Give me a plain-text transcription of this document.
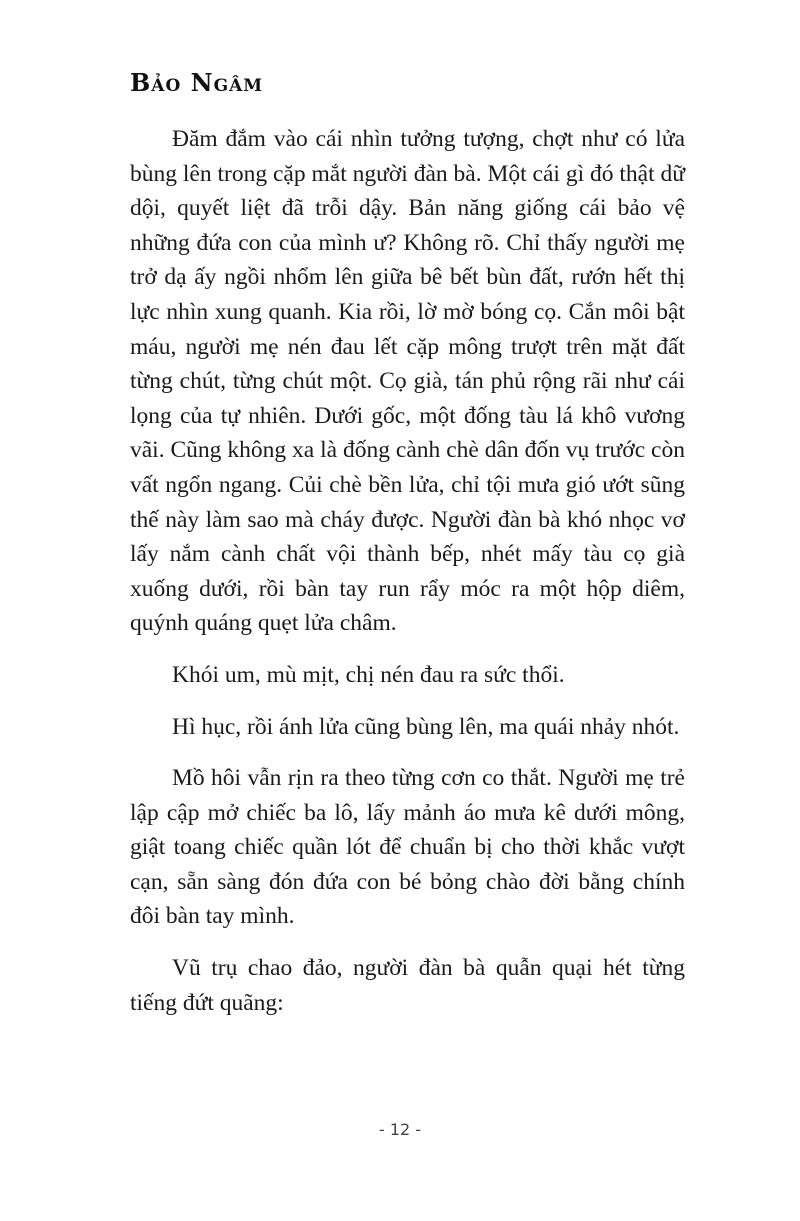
Bảo Ngâm

Đăm đắm vào cái nhìn tưởng tượng, chợt như có lửa bùng lên trong cặp mắt người đàn bà. Một cái gì đó thật dữ dội, quyết liệt đã trỗi dậy. Bản năng giống cái bảo vệ những đứa con của mình ư? Không rõ. Chỉ thấy người mẹ trở dạ ấy ngồi nhổm lên giữa bê bết bùn đất, rướn hết thị lực nhìn xung quanh. Kia rồi, lờ mờ bóng cọ. Cắn môi bật máu, người mẹ nén đau lết cặp mông trượt trên mặt đất từng chút, từng chút một. Cọ già, tán phủ rộng rãi như cái lọng của tự nhiên. Dưới gốc, một đống tàu lá khô vương vãi. Cũng không xa là đống cành chè dân đốn vụ trước còn vất ngổn ngang. Củi chè bền lửa, chỉ tội mưa gió ướt sũng thế này làm sao mà cháy được. Người đàn bà khó nhọc vơ lấy nắm cành chất vội thành bếp, nhét mấy tàu cọ già xuống dưới, rồi bàn tay run rẩy móc ra một hộp diêm, quýnh quáng quẹt lửa châm.

Khói um, mù mịt, chị nén đau ra sức thổi.

Hì hục, rồi ánh lửa cũng bùng lên, ma quái nhảy nhót.

Mồ hôi vẫn rịn ra theo từng cơn co thắt. Người mẹ trẻ lập cập mở chiếc ba lô, lấy mảnh áo mưa kê dưới mông, giật toang chiếc quần lót để chuẩn bị cho thời khắc vượt cạn, sẵn sàng đón đứa con bé bỏng chào đời bằng chính đôi bàn tay mình.

Vũ trụ chao đảo, người đàn bà quẫn quại hét từng tiếng đứt quãng:

- 12 -
